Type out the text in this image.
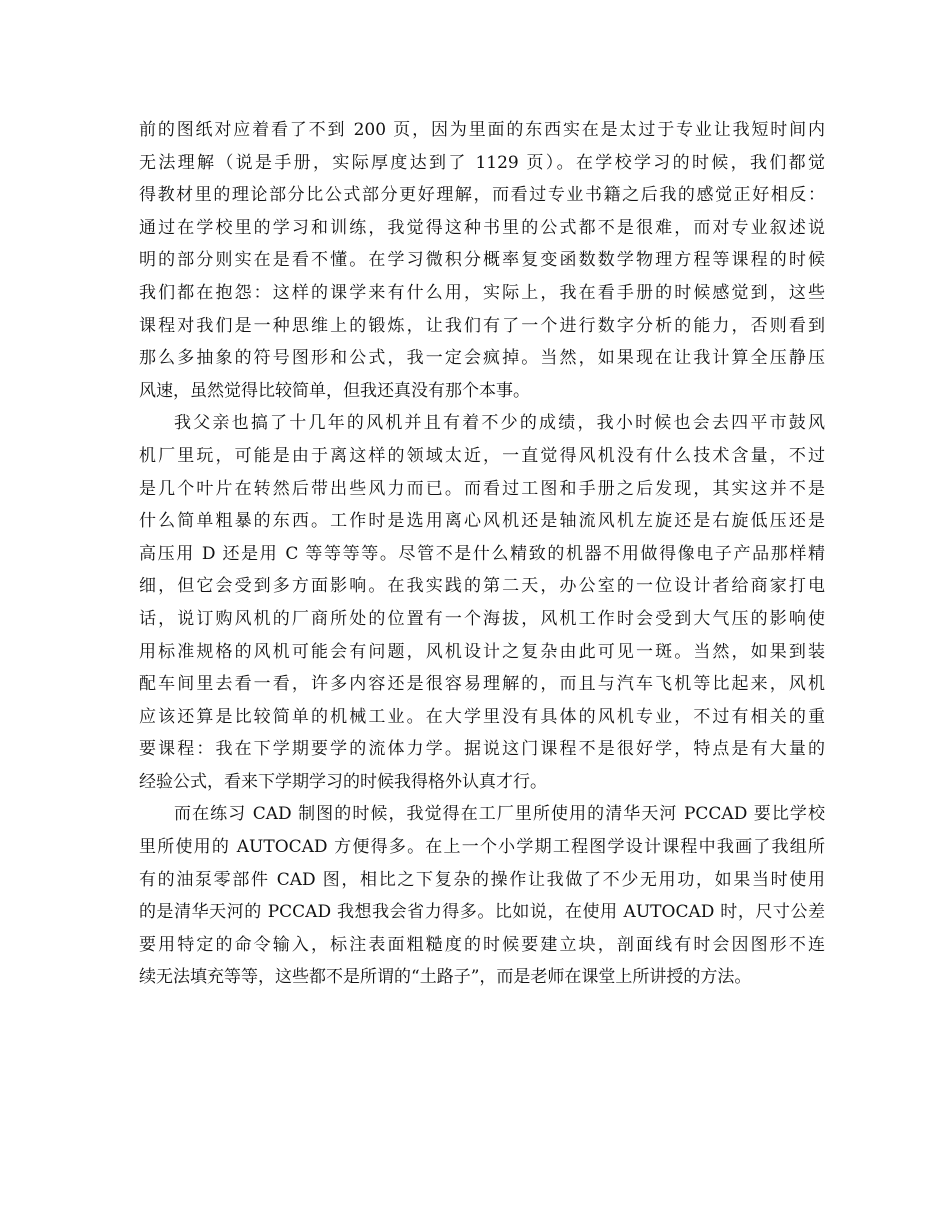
前的图纸对应着看了不到 200 页，因为里面的东西实在是太过于专业让我短时间内
无法理解（说是手册，实际厚度达到了 1129 页）。在学校学习的时候，我们都觉
得教材里的理论部分比公式部分更好理解，而看过专业书籍之后我的感觉正好相反：
通过在学校里的学习和训练，我觉得这种书里的公式都不是很难，而对专业叙述说
明的部分则实在是看不懂。在学习微积分概率复变函数数学物理方程等课程的时候
我们都在抱怨：这样的课学来有什么用，实际上，我在看手册的时候感觉到，这些
课程对我们是一种思维上的锻炼，让我们有了一个进行数字分析的能力，否则看到
那么多抽象的符号图形和公式，我一定会疯掉。当然，如果现在让我计算全压静压
风速，虽然觉得比较简单，但我还真没有那个本事。
我父亲也搞了十几年的风机并且有着不少的成绩，我小时候也会去四平市鼓风
机厂里玩，可能是由于离这样的领域太近，一直觉得风机没有什么技术含量，不过
是几个叶片在转然后带出些风力而已。而看过工图和手册之后发现，其实这并不是
什么简单粗暴的东西。工作时是选用离心风机还是轴流风机左旋还是右旋低压还是
高压用 D 还是用 C 等等等等。尽管不是什么精致的机器不用做得像电子产品那样精
细，但它会受到多方面影响。在我实践的第二天，办公室的一位设计者给商家打电
话，说订购风机的厂商所处的位置有一个海拔，风机工作时会受到大气压的影响使
用标准规格的风机可能会有问题，风机设计之复杂由此可见一斑。当然，如果到装
配车间里去看一看，许多内容还是很容易理解的，而且与汽车飞机等比起来，风机
应该还算是比较简单的机械工业。在大学里没有具体的风机专业，不过有相关的重
要课程：我在下学期要学的流体力学。据说这门课程不是很好学，特点是有大量的
经验公式，看来下学期学习的时候我得格外认真才行。
而在练习 CAD 制图的时候，我觉得在工厂里所使用的清华天河 PCCAD 要比学校
里所使用的 AUTOCAD 方便得多。在上一个小学期工程图学设计课程中我画了我组所
有的油泵零部件 CAD 图，相比之下复杂的操作让我做了不少无用功，如果当时使用
的是清华天河的 PCCAD 我想我会省力得多。比如说，在使用 AUTOCAD 时，尺寸公差
要用特定的命令输入，标注表面粗糙度的时候要建立块，剖面线有时会因图形不连
续无法填充等等，这些都不是所谓的“土路子”，而是老师在课堂上所讲授的方法。
